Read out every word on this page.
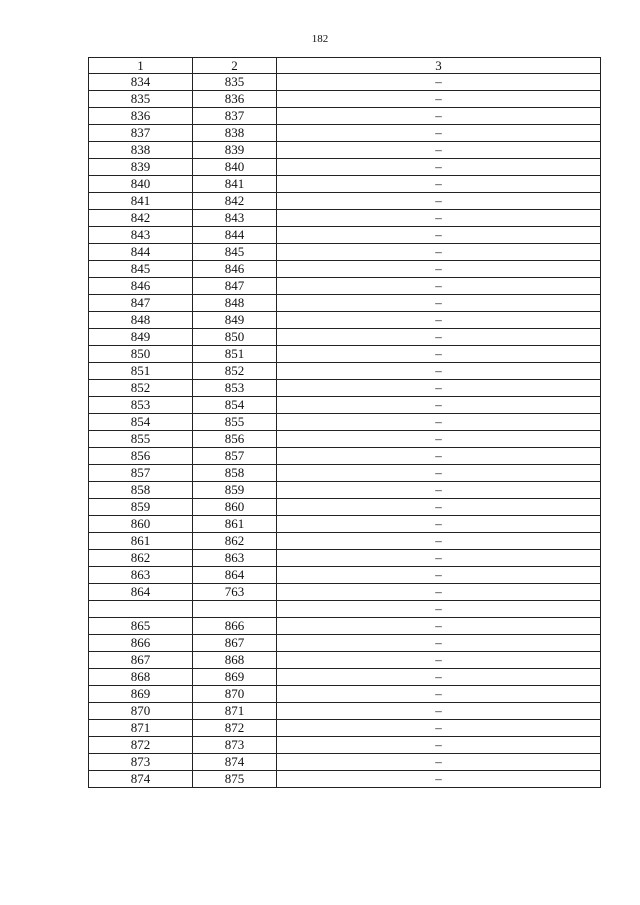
182
1	2	3
834	835	–
835	836	–
836	837	–
837	838	–
838	839	–
839	840	–
840	841	–
841	842	–
842	843	–
843	844	–
844	845	–
845	846	–
846	847	–
847	848	–
848	849	–
849	850	–
850	851	–
851	852	–
852	853	–
853	854	–
854	855	–
855	856	–
856	857	–
857	858	–
858	859	–
859	860	–
860	861	–
861	862	–
862	863	–
863	864	–
864	763	–
		–
865	866	–
866	867	–
867	868	–
868	869	–
869	870	–
870	871	–
871	872	–
872	873	–
873	874	–
874	875	–
